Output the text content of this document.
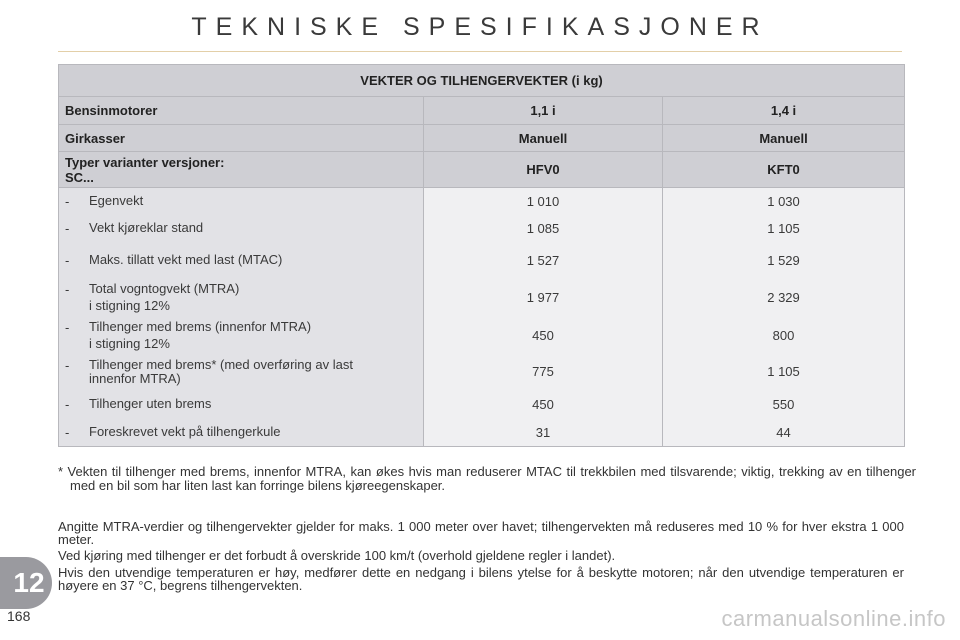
TEKNISKE SPESIFIKASJONER
VEKTER OG TILHENGERVEKTER (i kg)		
Bensinmotorer	1,1 i	1,4 i
Girkasser	Manuell	Manuell

Typer varianter versjoner:
SC...	HFV0	KFT0

- Egenvekt	1 010	1 030

- Vekt kjøreklar stand	1 085	1 105

- Maks. tillatt vekt med last (MTAC)	1 527	1 529

- Total vogntogvekt (MTRA)
i stigning 12%	1 977	2 329

- Tilhenger med brems (innenfor MTRA)
i stigning 12%	450	800

- Tilhenger med brems* (med overføring av last innenfor MTRA)	775	1 105

- Tilhenger uten brems	450	550

- Foreskrevet vekt på tilhengerkule	31	44
* Vekten til tilhenger med brems, innenfor MTRA, kan økes hvis man reduserer MTAC til trekkbilen med tilsvarende; viktig, trekking av en tilhenger med en bil som har liten last kan forringe bilens kjøreegenskaper.
Angitte MTRA-verdier og tilhengervekter gjelder for maks. 1 000 meter over havet; tilhengervekten må reduseres med 10 % for hver ekstra 1 000 meter.
Ved kjøring med tilhenger er det forbudt å overskride 100 km/t (overhold gjeldene regler i landet).
Hvis den utvendige temperaturen er høy, medfører dette en nedgang i bilens ytelse for å beskytte motoren; når den utvendige temperaturen er høyere en 37 °C, begrens tilhengervekten.
12
168	carmanualsonline.info
